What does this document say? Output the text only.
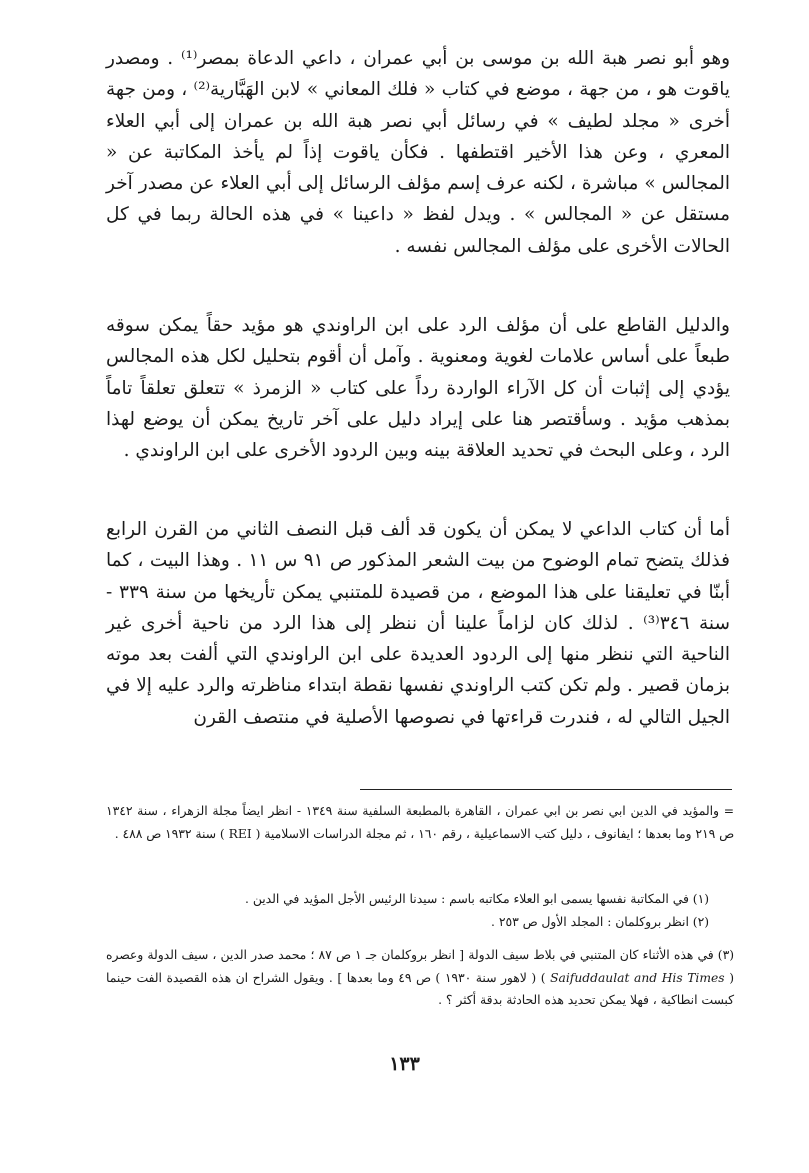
وهو أبو نصر هبة الله بن موسى بن أبي عمران ، داعي الدعاة بمصر⁽¹⁾ . ومصدر ياقوت هو ، من جهة ، موضع في كتاب « فلك المعاني » لابن الهَبَّارية⁽²⁾ ، ومن جهة أخرى « مجلد لطيف » في رسائل أبي نصر هبة الله بن عمران إلى أبي العلاء المعري ، وعن هذا الأخير اقتطفها . فكأن ياقوت إذاً لم يأخذ المكاتبة عن « المجالس » مباشرة ، لكنه عرف إسم مؤلف الرسائل إلى أبي العلاء عن مصدر آخر مستقل عن « المجالس » . ويدل لفظ « داعينا » في هذه الحالة ربما في كل الحالات الأخرى على مؤلف المجالس نفسه .

والدليل القاطع على أن مؤلف الرد على ابن الراوندي هو مؤيد حقاً يمكن سوقه طبعاً على أساس علامات لغوية ومعنوية . وآمل أن أقوم بتحليل لكل هذه المجالس يؤدي إلى إثبات أن كل الآراء الواردة رداً على كتاب « الزمرذ » تتعلق تعلقاً تاماً بمذهب مؤيد . وسأقتصر هنا على إيراد دليل على آخر تاريخ يمكن أن يوضع لهذا الرد ، وعلى البحث في تحديد العلاقة بينه وبين الردود الأخرى على ابن الراوندي .

أما أن كتاب الداعي لا يمكن أن يكون قد ألف قبل النصف الثاني من القرن الرابع فذلك يتضح تمام الوضوح من بيت الشعر المذكور ص ٩١ س ١١ . وهذا البيت ، كما أبنّا في تعليقنا على هذا الموضع ، من قصيدة للمتنبي يمكن تأريخها من سنة ٣٣٩ - سنة ٣٤٦⁽³⁾ . لذلك كان لزاماً علينا أن ننظر إلى هذا الرد من ناحية أخرى غير الناحية التي ننظر منها إلى الردود العديدة على ابن الراوندي التي ألفت بعد موته بزمان قصير . ولم تكن كتب الراوندي نفسها نقطة ابتداء مناظرته والرد عليه إلا في الجيل التالي له ، فندرت قراءتها في نصوصها الأصلية في منتصف القرن

= والمؤيد في الدين ابي نصر بن ابي عمران ، القاهرة بالمطبعة السلفية سنة ١٣٤٩ - انظر ايضاً مجلة الزهراء ، سنة ١٣٤٢ ص ٢١٩ وما بعدها ؛ ايفانوف ، دليل كتب الاسماعيلية ، رقم ١٦٠ ، ثم مجلة الدراسات الاسلامية ( REI ) سنة ١٩٣٢ ص ٤٨٨ .

(١) في المكاتبة نفسها يسمى ابو العلاء مكاتبه باسم : سيدنا الرئيس الأجل المؤيد في الدين .

(٢) انظر بروكلمان : المجلد الأول ص ٢٥٣ .

(٣) في هذه الأثناء كان المتنبي في بلاط سيف الدولة [ انظر بروكلمان جـ ١ ص ٨٧ ؛ محمد صدر الدين ، سيف الدولة وعصره ( Saifuddaulat and His Times ) ( لاهور سنة ١٩٣٠ ) ص ٤٩ وما بعدها ] . ويقول الشراح ان هذه القصيدة الفت حينما كبست انطاكية ، فهلا يمكن تحديد هذه الحادثة بدقة أكثر ؟ .

١٣٣
